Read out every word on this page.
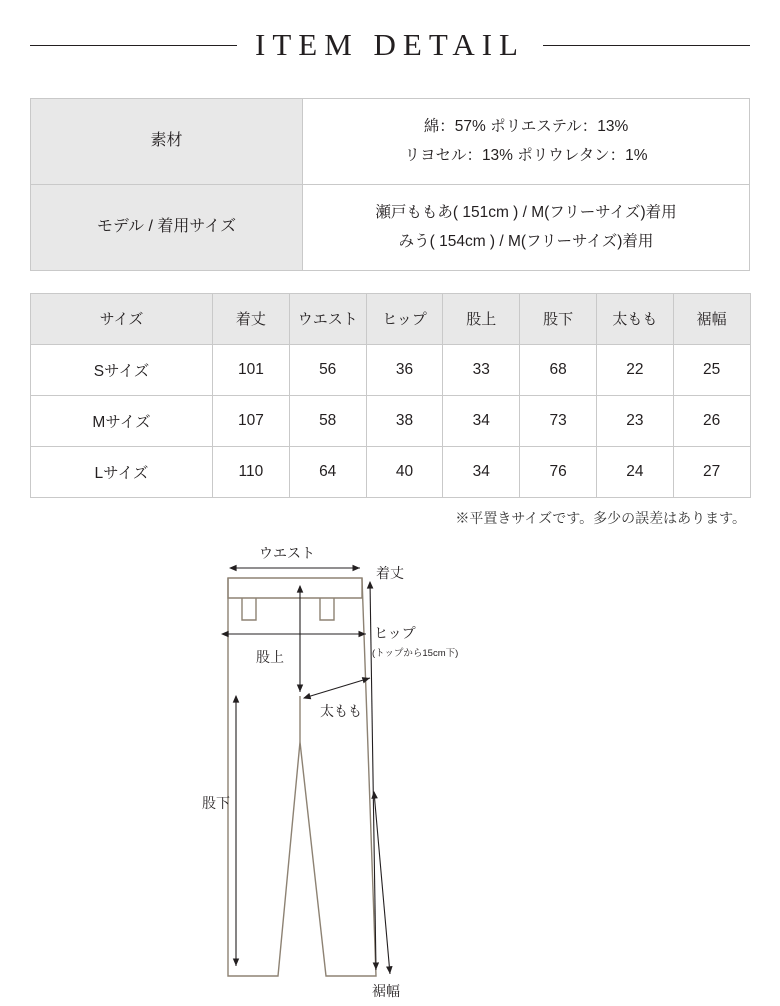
ITEM DETAIL
素材	綿：57% ポリエステル：13%
リヨセル：13% ポリウレタン：1%

モデル / 着用サイズ	瀬戸ももあ( 151cm ) / M(フリーサイズ)着用
みう( 154cm ) / M(フリーサイズ)着用
サイズ	着丈	ウエスト	ヒップ	股上	股下	太もも	裾幅
Sサイズ	101	56	36	33	68	22	25
Mサイズ	107	58	38	34	73	23	26
Lサイズ	110	64	40	34	76	24	27
※平置きサイズです。多少の誤差はあります。
ウエスト
着丈
ヒップ
(トップから15cm下)
股上
太もも
股下
裾幅
